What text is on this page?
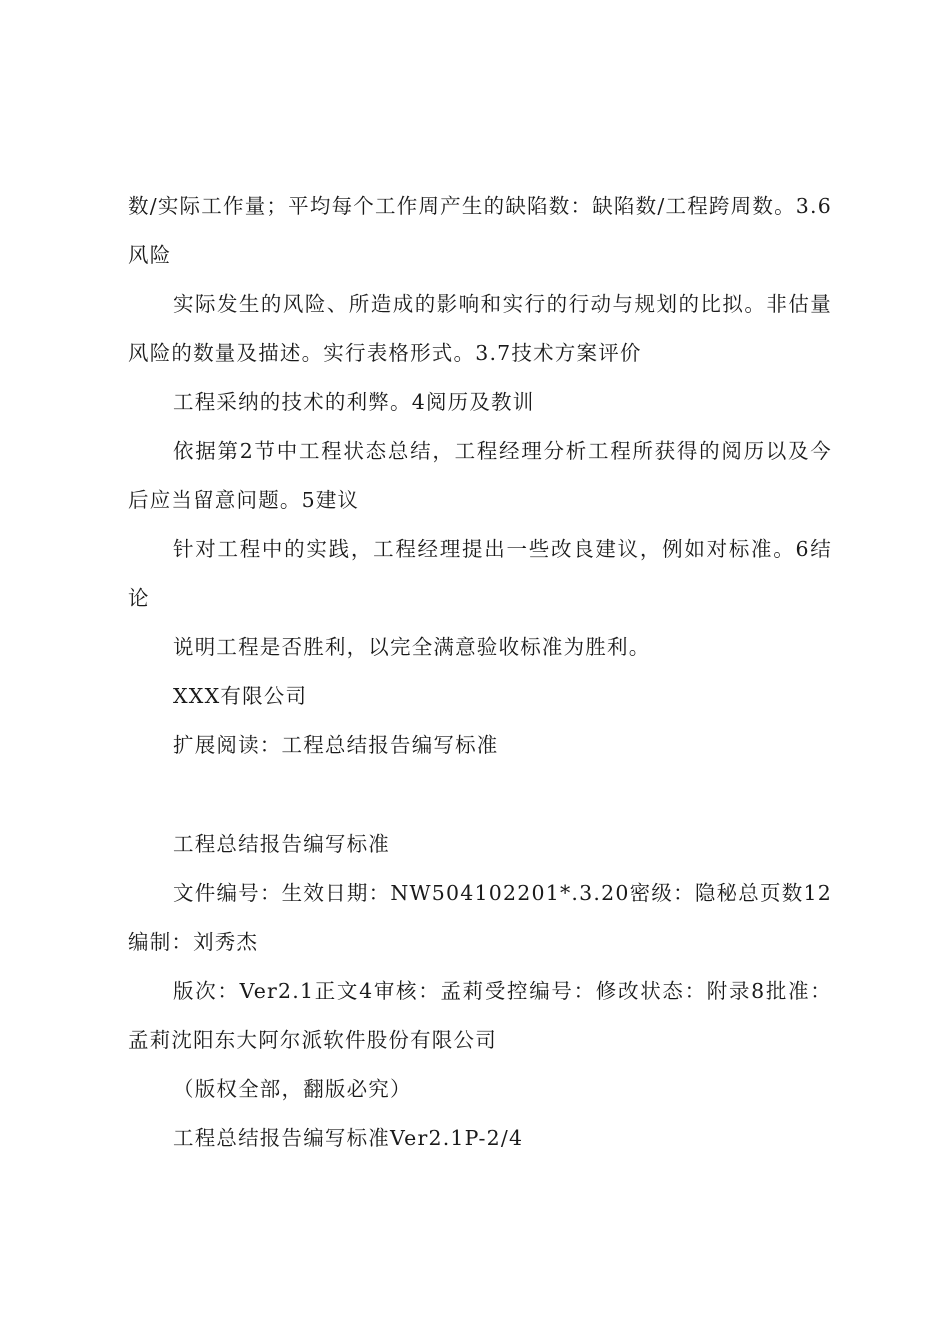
数/实际工作量；平均每个工作周产生的缺陷数：缺陷数/工程跨周数。3.6风险

实际发生的风险、所造成的影响和实行的行动与规划的比拟。非估量风险的数量及描述。实行表格形式。3.7技术方案评价

工程采纳的技术的利弊。4阅历及教训

依据第2节中工程状态总结，工程经理分析工程所获得的阅历以及今后应当留意问题。5建议

针对工程中的实践，工程经理提出一些改良建议，例如对标准。6结论

说明工程是否胜利，以完全满意验收标准为胜利。

XXX有限公司

扩展阅读：工程总结报告编写标准

工程总结报告编写标准

文件编号：生效日期：NW504102201*.3.20密级：隐秘总页数12编制：刘秀杰

版次：Ver2.1正文4审核：孟莉受控编号：修改状态：附录8批准：孟莉沈阳东大阿尔派软件股份有限公司

（版权全部，翻版必究）

工程总结报告编写标准Ver2.1P-2/4
